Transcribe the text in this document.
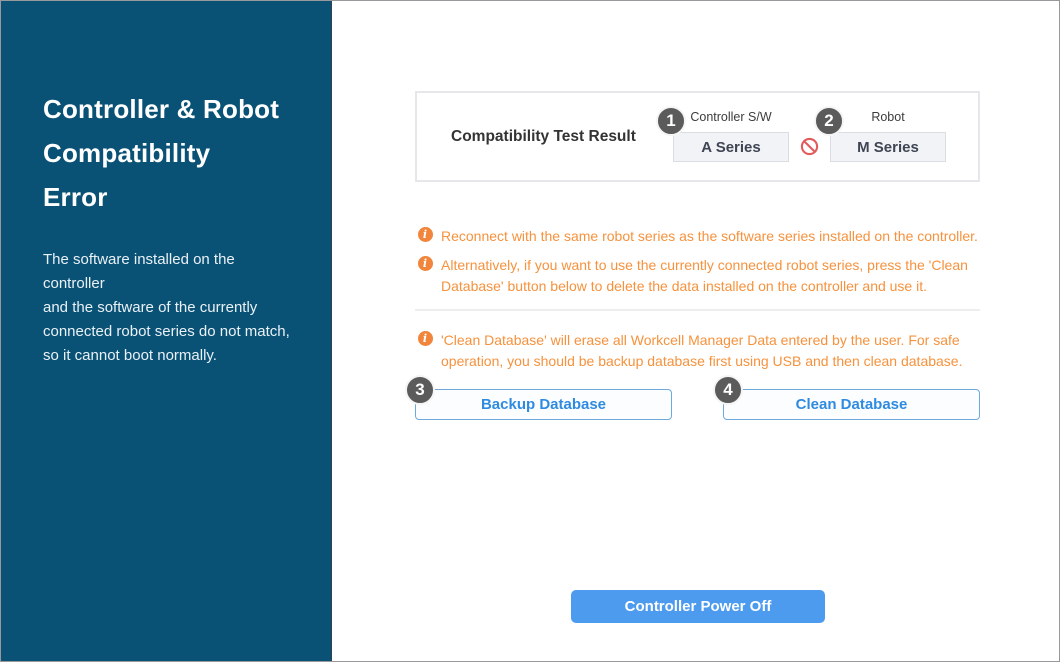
Controller & Robot
Compatibility
Error
The software installed on the controller
and the software of the currently
connected robot series do not match,
so it cannot boot normally.
Compatibility Test Result
Controller S/W
A Series
1	Robot
M Series
2
i
Reconnect with the same robot series as the software series installed on the controller.
i
Alternatively, if you want to use the currently connected robot series, press the 'Clean Database' button below to delete the data installed on the controller and use it.
i
'Clean Database' will erase all Workcell Manager Data entered by the user. For safe operation, you should be backup database first using USB and then clean database.
Backup Database
3
Clean Database
4
Controller Power Off
